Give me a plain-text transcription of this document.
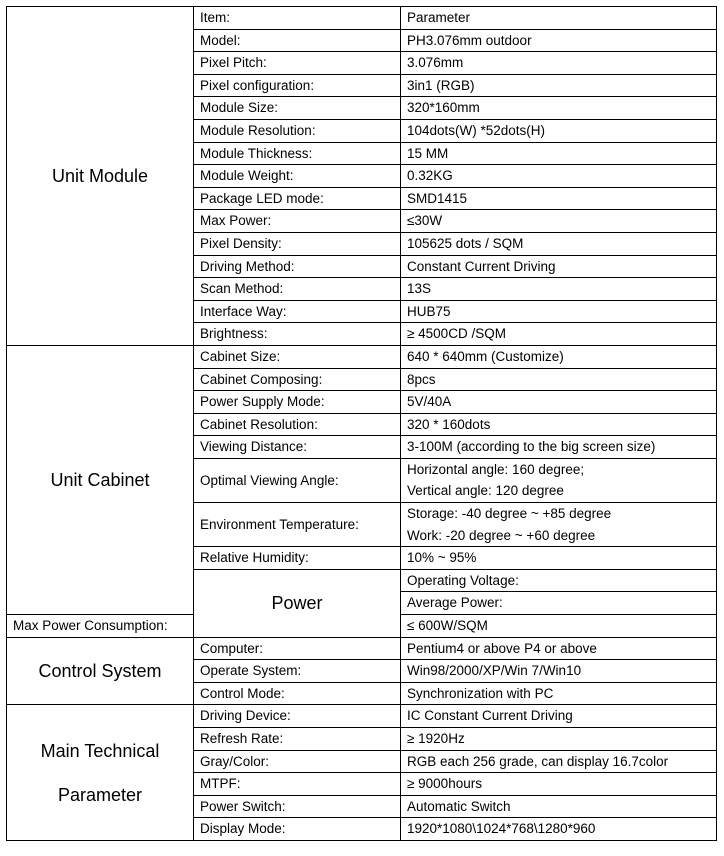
Unit Module	Item:	Parameter	
	Model:	PH3.076mm outdoor	
	Pixel Pitch:	3.076mm	
	Pixel configuration:	3in1 (RGB)	
	Module Size:	320*160mm	
	Module Resolution:	104dots(W) *52dots(H)	
	Module Thickness:	15 MM	
	Module Weight:	0.32KG	
	Package LED mode:	SMD1415	
	Max Power:	≤30W	
	Pixel Density:	105625 dots / SQM	
	Driving Method:	Constant Current Driving	
	Scan Method:	13S	
	Interface Way:	HUB75	
	Brightness:	≥ 4500CD /SQM	
Unit Cabinet	Cabinet Size:	640 * 640mm (Customize)	
	Cabinet Composing:	8pcs	
	Power Supply Mode:	5V/40A	
	Cabinet Resolution:	320 * 160dots	
	Viewing Distance:	3-100M (according to the big screen size)	
	Optimal Viewing Angle:	Horizontal angle: 160 degree;
Vertical angle: 120 degree	

	Environment Temperature:	Storage: -40 degree ~ +85 degree
Work: -20 degree ~ +60 degree	

	Relative Humidity:	10% ~ 95%	
	Power	Operating Voltage:	
		Average Power:	
Max Power Consumption:		≤ 600W/SQM	
Control System	Computer:	Pentium4 or above P4 or above	
	Operate System:	Win98/2000/XP/Win 7/Win10	
	Control Mode:	Synchronization with PC	

Main Technical
Parameter	Driving Device:	IC Constant Current Driving	
	Refresh Rate:	≥ 1920Hz	
	Gray/Color:	RGB each 256 grade, can display 16.7color	
	MTPF:	≥ 9000hours	
	Power Switch:	Automatic Switch	
	Display Mode:	1920*1080\1024*768\1280*960	
